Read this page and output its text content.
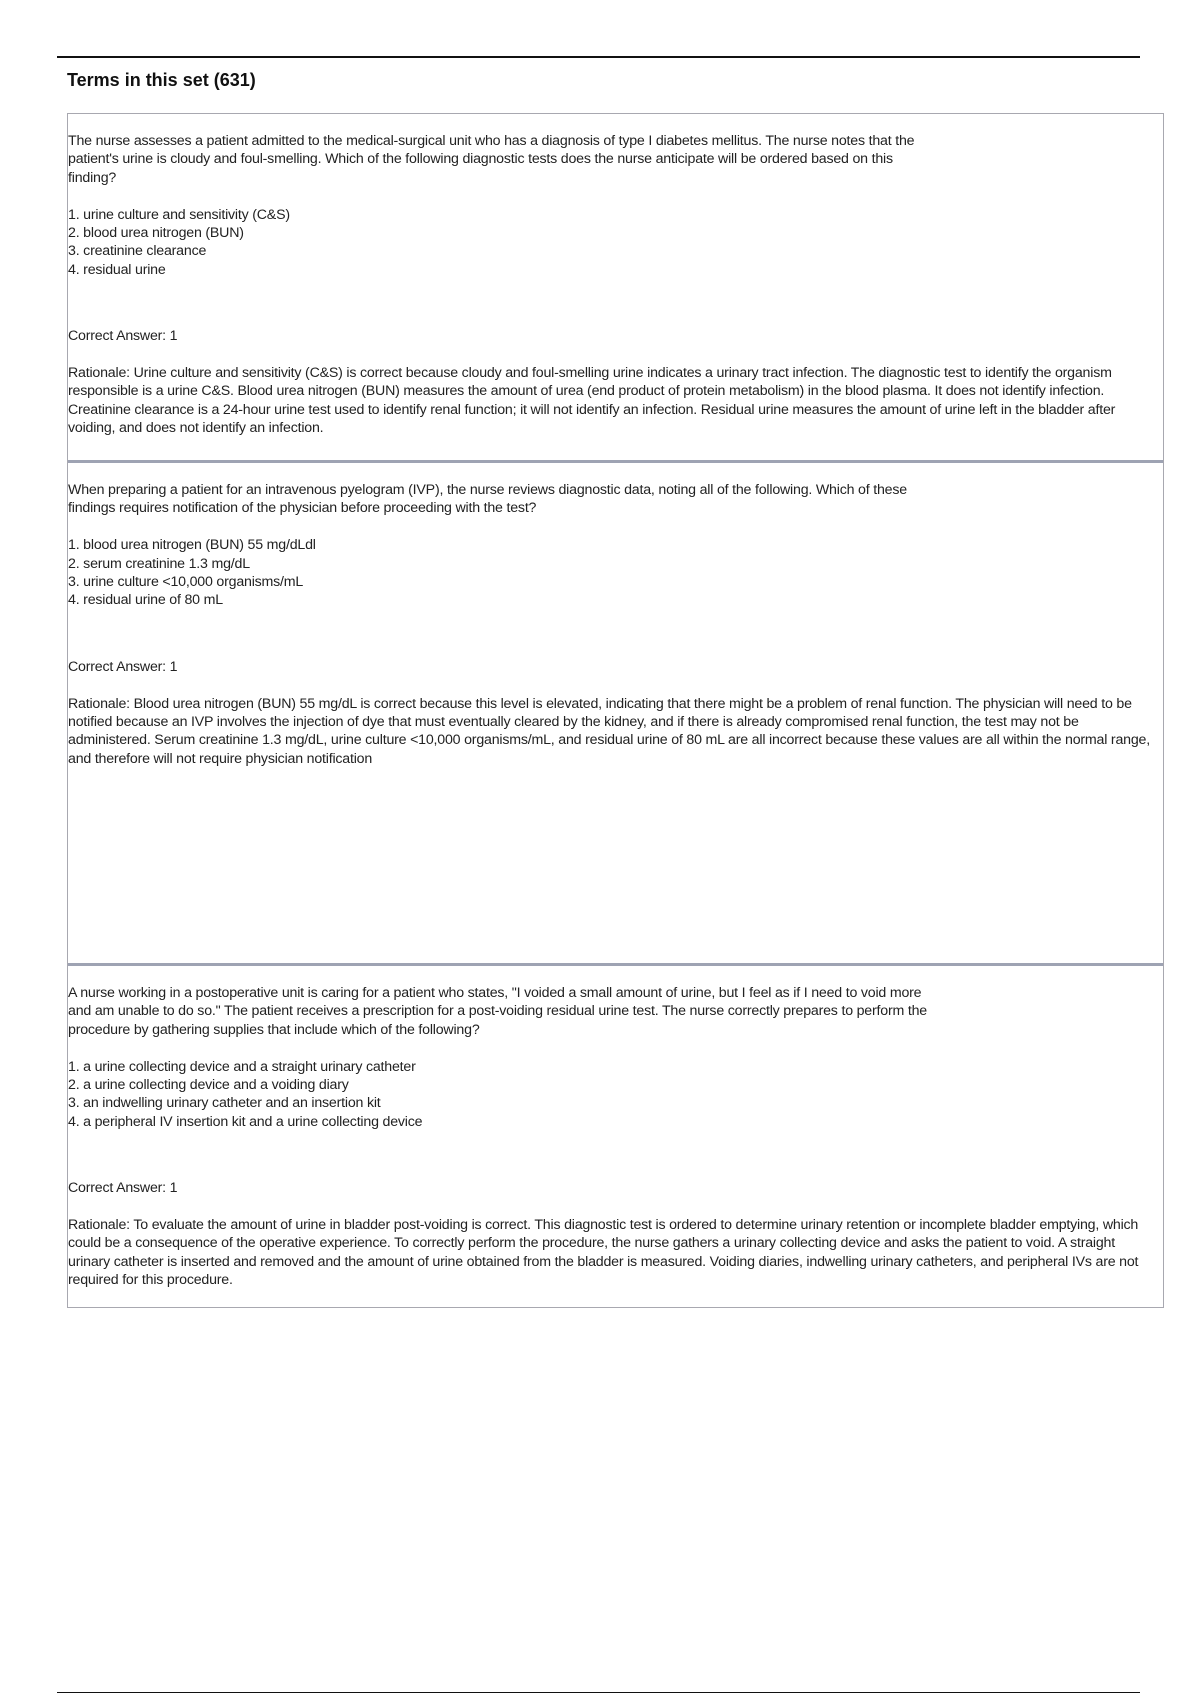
Terms in this set (631)
The nurse assesses a patient admitted to the medical-surgical unit who has a diagnosis of type I diabetes mellitus. The nurse notes that the patient's urine is cloudy and foul-smelling. Which of the following diagnostic tests does the nurse anticipate will be ordered based on this finding?
1. urine culture and sensitivity (C&S)
2. blood urea nitrogen (BUN)
3. creatinine clearance
4. residual urine
Correct Answer: 1
Rationale: Urine culture and sensitivity (C&S) is correct because cloudy and foul-smelling urine indicates a urinary tract infection. The diagnostic test to identify the organism responsible is a urine C&S. Blood urea nitrogen (BUN) measures the amount of urea (end product of protein metabolism) in the blood plasma. It does not identify infection. Creatinine clearance is a 24-hour urine test used to identify renal function; it will not identify an infection. Residual urine measures the amount of urine left in the bladder after voiding, and does not identify an infection.
When preparing a patient for an intravenous pyelogram (IVP), the nurse reviews diagnostic data, noting all of the following. Which of these findings requires notification of the physician before proceeding with the test?
1. blood urea nitrogen (BUN) 55 mg/dLdl
2. serum creatinine 1.3 mg/dL
3. urine culture <10,000 organisms/mL
4. residual urine of 80 mL
Correct Answer: 1
Rationale: Blood urea nitrogen (BUN) 55 mg/dL is correct because this level is elevated, indicating that there might be a problem of renal function. The physician will need to be notified because an IVP involves the injection of dye that must eventually cleared by the kidney, and if there is already compromised renal function, the test may not be administered. Serum creatinine 1.3 mg/dL, urine culture <10,000 organisms/mL, and residual urine of 80 mL are all incorrect because these values are all within the normal range, and therefore will not require physician notification
A nurse working in a postoperative unit is caring for a patient who states, "I voided a small amount of urine, but I feel as if I need to void more and am unable to do so." The patient receives a prescription for a post-voiding residual urine test. The nurse correctly prepares to perform the procedure by gathering supplies that include which of the following?
1. a urine collecting device and a straight urinary catheter
2. a urine collecting device and a voiding diary
3. an indwelling urinary catheter and an insertion kit
4. a peripheral IV insertion kit and a urine collecting device
Correct Answer: 1
Rationale: To evaluate the amount of urine in bladder post-voiding is correct. This diagnostic test is ordered to determine urinary retention or incomplete bladder emptying, which could be a consequence of the operative experience. To correctly perform the procedure, the nurse gathers a urinary collecting device and asks the patient to void. A straight urinary catheter is inserted and removed and the amount of urine obtained from the bladder is measured. Voiding diaries, indwelling urinary catheters, and peripheral IVs are not required for this procedure.
